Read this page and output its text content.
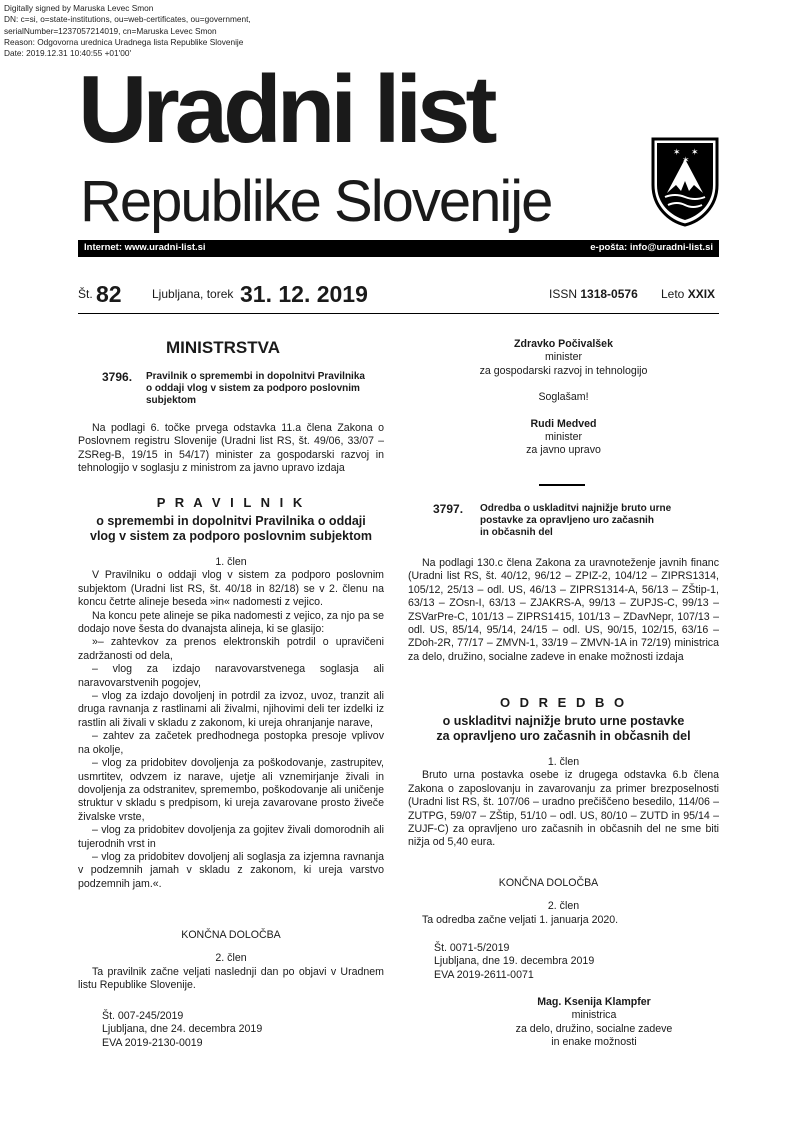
Digitally signed by Maruska Levec Smon
DN: c=si, o=state-institutions, ou=web-certificates, ou=government,
serialNumber=1237057214019, cn=Maruska Levec Smon
Reason: Odgovorna urednica Uradnega lista Republike Slovenije
Date: 2019.12.31 10:40:55 +01'00'
Uradni list
Republike Slovenije
✶ ✶
✶
Internet: www.uradni-list.si	e-pošta: info@uradni-list.si
Št. 82	Ljubljana, torek 31. 12. 2019	ISSN 1318-0576 Leto XXIX
MINISTRSTVA
3796. Pravilnik o spremembi in dopolnitvi Pravilnika
o oddaji vlog v sistem za podporo poslovnim
subjektom

Na podlagi 6. točke prvega odstavka 11.a člena Zakona o Poslovnem registru Slovenije (Uradni list RS, št. 49/06, 33/07 – ZSReg-B, 19/15 in 54/17) minister za gospodarski razvoj in tehnologijo v soglasju z ministrom za javno upravo izdaja

P R A V I L N I K
o spremembi in dopolnitvi Pravilnika o oddaji
vlog v sistem za podporo poslovnim subjektom

1. člen

V Pravilniku o oddaji vlog v sistem za podporo poslovnim subjektom (Uradni list RS, št. 40/18 in 82/18) se v 2. členu na koncu četrte alineje beseda »in« nadomesti z vejico.

Na koncu pete alineje se pika nadomesti z vejico, za njo pa se dodajo nove šesta do dvanajsta alineja, ki se glasijo:

»– zahtevkov za prenos elektronskih potrdil o upravičeni zadržanosti od dela,

– vlog za izdajo naravovarstvenega soglasja ali naravovarstvenih pogojev,

– vlog za izdajo dovoljenj in potrdil za izvoz, uvoz, tranzit ali druga ravnanja z rastlinami ali živalmi, njihovimi deli ter izdelki iz rastlin ali živali v skladu z zakonom, ki ureja ohranjanje narave,

– zahtev za začetek predhodnega postopka presoje vplivov na okolje,

– vlog za pridobitev dovoljenja za poškodovanje, zastrupitev, usmrtitev, odvzem iz narave, ujetje ali vznemirjanje živali in dovoljenja za odstranitev, spremembo, poškodovanje ali uničenje struktur v skladu s predpisom, ki ureja zavarovane prosto živeče živalske vrste,

– vlog za pridobitev dovoljenja za gojitev živali domorodnih ali tujerodnih vrst in

– vlog za pridobitev dovoljenj ali soglasja za izjemna ravnanja v podzemnih jamah v skladu z zakonom, ki ureja varstvo podzemnih jam.«.

KONČNA DOLOČBA

2. člen

Ta pravilnik začne veljati naslednji dan po objavi v Uradnem listu Republike Slovenije.

Št. 007-245/2019

Ljubljana, dne 24. decembra 2019

EVA 2019-2130-0019

Zdravko Počivalšek

minister

za gospodarski razvoj in tehnologijo

Soglašam!

Rudi Medved

minister

za javno upravo

3797. Odredba o uskladitvi najnižje bruto urne
postavke za opravljeno uro začasnih
in občasnih del

Na podlagi 130.c člena Zakona za uravnoteženje javnih financ (Uradni list RS, št. 40/12, 96/12 – ZPIZ-2, 104/12 – ZIPRS1314, 105/12, 25/13 – odl. US, 46/13 – ZIPRS1314-A, 56/13 – ZŠtip-1, 63/13 – ZOsn-I, 63/13 – ZJAKRS-A, 99/13 – ZUPJS-C, 99/13 – ZSVarPre-C, 101/13 – ZIPRS1415, 101/13 – ZDavNepr, 107/13 – odl. US, 85/14, 95/14, 24/15 – odl. US, 90/15, 102/15, 63/16 – ZDoh-2R, 77/17 – ZMVN-1, 33/19 – ZMVN-1A in 72/19) ministrica za delo, družino, socialne zadeve in enake možnosti izdaja

O D R E D B O
o uskladitvi najnižje bruto urne postavke
za opravljeno uro začasnih in občasnih del

1. člen

Bruto urna postavka osebe iz drugega odstavka 6.b člena Zakona o zaposlovanju in zavarovanju za primer brezposelnosti (Uradni list RS, št. 107/06 – uradno prečiščeno besedilo, 114/06 – ZUTPG, 59/07 – ZŠtip, 51/10 – odl. US, 80/10 – ZUTD in 95/14 – ZUJF-C) za opravljeno uro začasnih in občasnih del ne sme biti nižja od 5,40 eura.

KONČNA DOLOČBA

2. člen

Ta odredba začne veljati 1. januarja 2020.

Št. 0071-5/2019

Ljubljana, dne 19. decembra 2019

EVA 2019-2611-0071

Mag. Ksenija Klampfer

ministrica

za delo, družino, socialne zadeve

in enake možnosti
